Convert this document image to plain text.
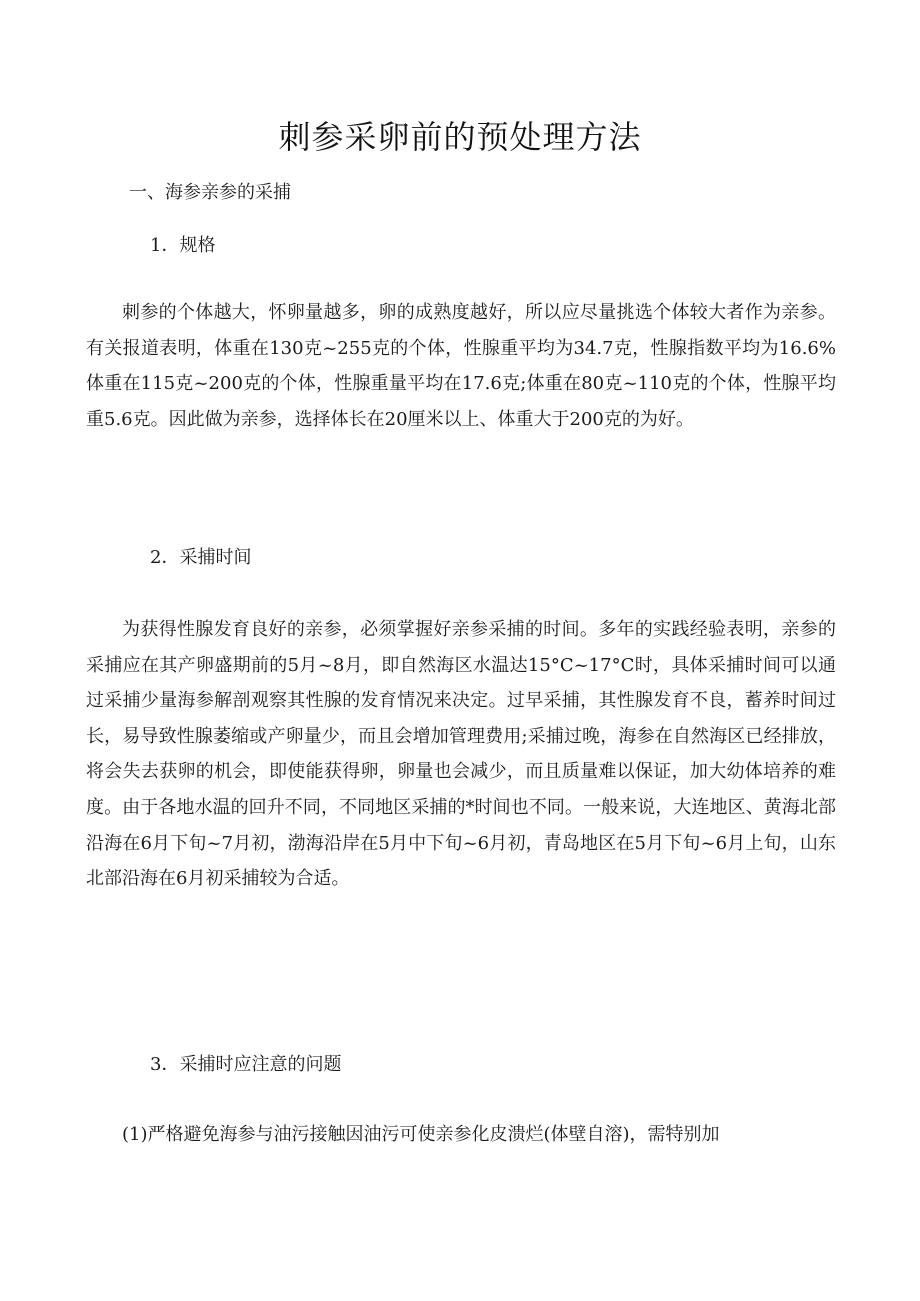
刺参采卵前的预处理方法

一、海参亲参的采捕

1．规格

刺参的个体越大，怀卵量越多，卵的成熟度越好，所以应尽量挑选个体较大者作为亲参。有关报道表明，体重在130克~255克的个体，性腺重平均为34.7克，性腺指数平均为16.6%体重在115克~200克的个体，性腺重量平均在17.6克;体重在80克~110克的个体，性腺平均重5.6克。因此做为亲参，选择体长在20厘米以上、体重大于200克的为好。

2．采捕时间

为获得性腺发育良好的亲参，必须掌握好亲参采捕的时间。多年的实践经验表明，亲参的采捕应在其产卵盛期前的5月~8月，即自然海区水温达15°C~17°C时，具体采捕时间可以通过采捕少量海参解剖观察其性腺的发育情况来决定。过早采捕，其性腺发育不良，蓄养时间过长，易导致性腺萎缩或产卵量少，而且会增加管理费用;采捕过晚，海参在自然海区已经排放，将会失去获卵的机会，即使能获得卵，卵量也会减少，而且质量难以保证，加大幼体培养的难度。由于各地水温的回升不同，不同地区采捕的*时间也不同。一般来说，大连地区、黄海北部沿海在6月下旬~7月初，渤海沿岸在5月中下旬~6月初，青岛地区在5月下旬~6月上旬，山东北部沿海在6月初采捕较为合适。

3．采捕时应注意的问题

(1)严格避免海参与油污接触因油污可使亲参化皮溃烂(体壁自溶)，需特别加
